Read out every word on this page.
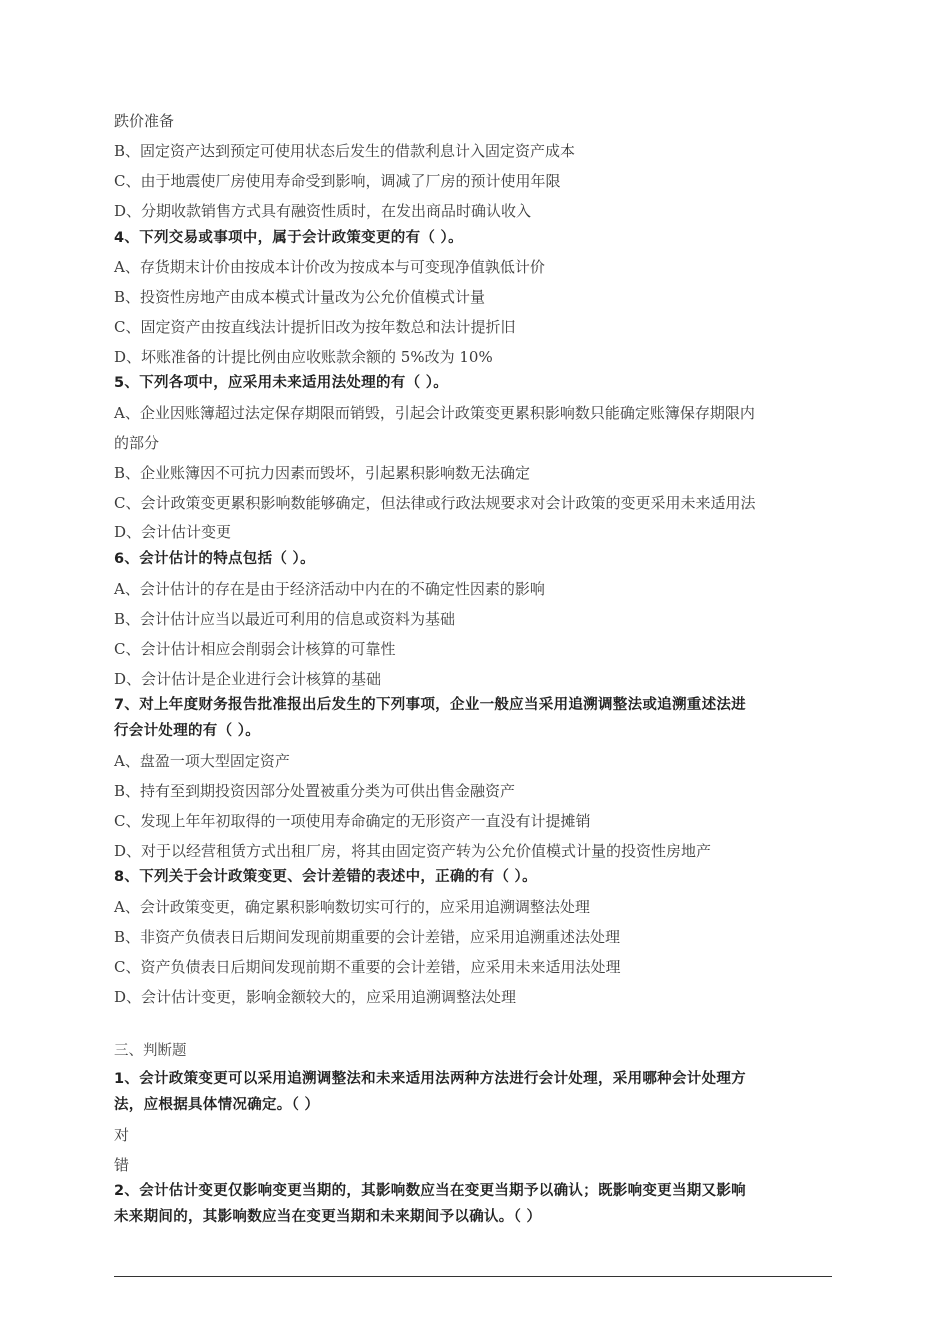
跌价准备
B、固定资产达到预定可使用状态后发生的借款利息计入固定资产成本
C、由于地震使厂房使用寿命受到影响，调减了厂房的预计使用年限
D、分期收款销售方式具有融资性质时，在发出商品时确认收入
4、下列交易或事项中，属于会计政策变更的有（ ）。
A、存货期末计价由按成本计价改为按成本与可变现净值孰低计价
B、投资性房地产由成本模式计量改为公允价值模式计量
C、固定资产由按直线法计提折旧改为按年数总和法计提折旧
D、坏账准备的计提比例由应收账款余额的 5%改为 10%
5、下列各项中，应采用未来适用法处理的有（ ）。
A、企业因账簿超过法定保存期限而销毁，引起会计政策变更累积影响数只能确定账簿保存期限内
的部分
B、企业账簿因不可抗力因素而毁坏，引起累积影响数无法确定
C、会计政策变更累积影响数能够确定，但法律或行政法规要求对会计政策的变更采用未来适用法
D、会计估计变更
6、会计估计的特点包括（ ）。
A、会计估计的存在是由于经济活动中内在的不确定性因素的影响
B、会计估计应当以最近可利用的信息或资料为基础
C、会计估计相应会削弱会计核算的可靠性
D、会计估计是企业进行会计核算的基础
7、对上年度财务报告批准报出后发生的下列事项，企业一般应当采用追溯调整法或追溯重述法进
行会计处理的有（ ）。
A、盘盈一项大型固定资产
B、持有至到期投资因部分处置被重分类为可供出售金融资产
C、发现上年年初取得的一项使用寿命确定的无形资产一直没有计提摊销
D、对于以经营租赁方式出租厂房，将其由固定资产转为公允价值模式计量的投资性房地产
8、下列关于会计政策变更、会计差错的表述中，正确的有（ ）。
A、会计政策变更，确定累积影响数切实可行的，应采用追溯调整法处理
B、非资产负债表日后期间发现前期重要的会计差错，应采用追溯重述法处理
C、资产负债表日后期间发现前期不重要的会计差错，应采用未来适用法处理
D、会计估计变更，影响金额较大的，应采用追溯调整法处理
三、判断题
1、会计政策变更可以采用追溯调整法和未来适用法两种方法进行会计处理，采用哪种会计处理方
法，应根据具体情况确定。（ ）
对
错
2、会计估计变更仅影响变更当期的，其影响数应当在变更当期予以确认；既影响变更当期又影响
未来期间的，其影响数应当在变更当期和未来期间予以确认。（ ）
